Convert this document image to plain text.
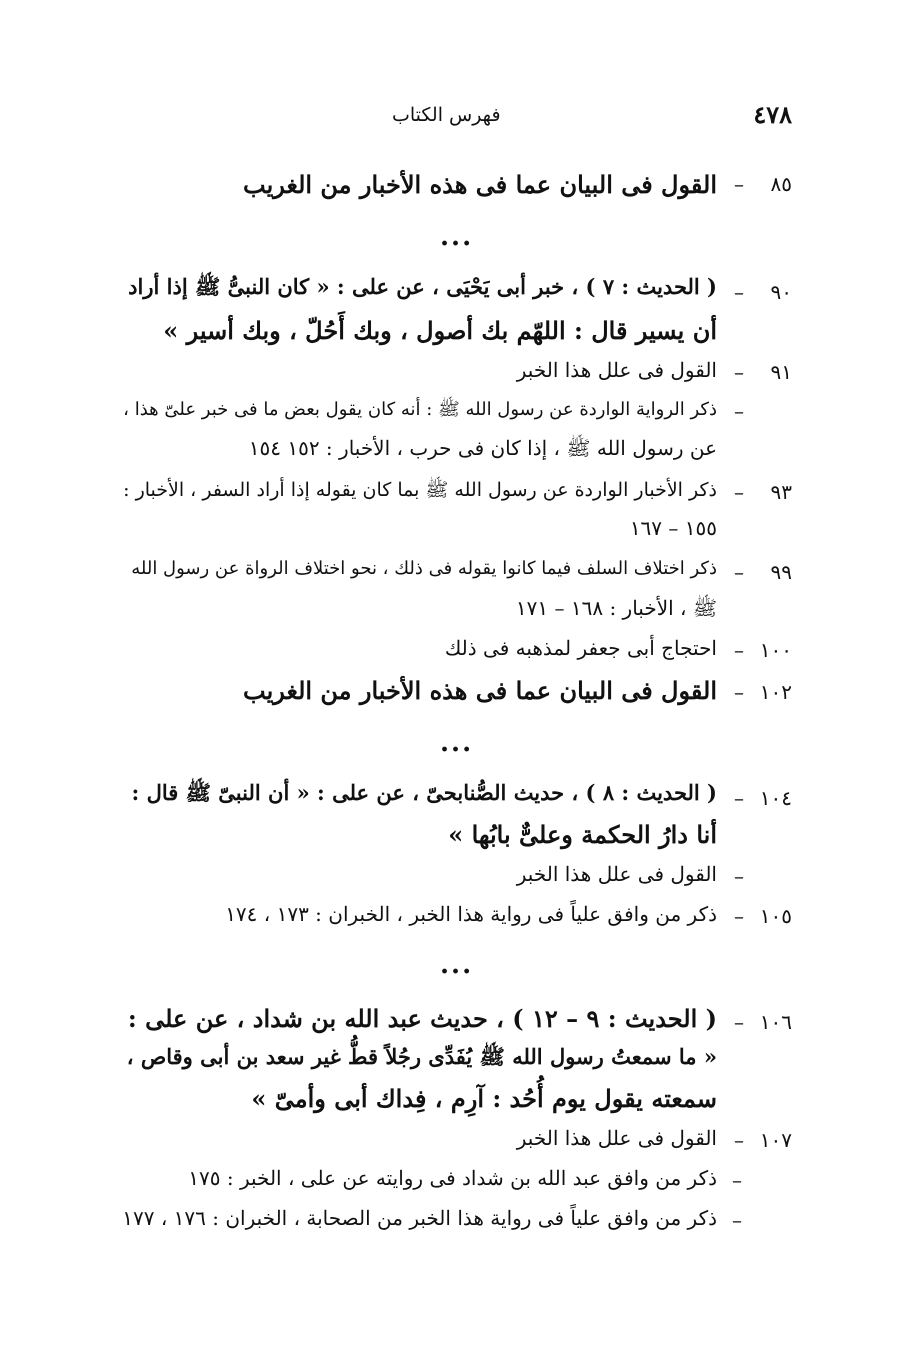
٤٧٨
فهرس الكتاب
٨٥
–
القول فى البيان عما فى هذه الأخبار من الغريب
...
٩٠
–
( الحديث : ٧ ) ، خبر أبى يَحْيَى ، عن على : « كان النبىُّ ﷺ إذا أراد
أن يسير قال : اللهّم بك أصول ، وبك أَحُلّ ، وبك أسير »
٩١
–
القول فى علل هذا الخبر
–
ذكر الرواية الواردة عن رسول الله ﷺ : أنه كان يقول بعض ما فى خبر علىّ هذا ،
عن رسول الله ﷺ ، إذا كان فى حرب ، الأخبار : ١٥٢ ١٥٤
٩٣
–
ذكر الأخبار الواردة عن رسول الله ﷺ بما كان يقوله إذا أراد السفر ، الأخبار :
١٥٥ – ١٦٧
٩٩
–
ذكر اختلاف السلف فيما كانوا يقوله فى ذلك ، نحو اختلاف الرواة عن رسول الله
ﷺ ، الأخبار : ١٦٨ – ١٧١
١٠٠
–
احتجاج أبى جعفر لمذهبه فى ذلك
١٠٢
–
القول فى البيان عما فى هذه الأخبار من الغريب
...
١٠٤
–
( الحديث : ٨ ) ، حديث الصُّنابحىّ ، عن على : « أن النبىّ ﷺ قال :
أنا دارُ الحكمة وعلىٌّ بابُها »
–
القول فى علل هذا الخبر
١٠٥
–
ذكر من وافق علياً فى رواية هذا الخبر ، الخبران : ١٧٣ ، ١٧٤
...
١٠٦
–
( الحديث : ٩ – ١٢ ) ، حديث عبد الله بن شداد ، عن على :
« ما سمعتُ رسول الله ﷺ يُفَدِّى رجُلاً قطُّ غير سعد بن أبى وقاص ،
سمعته يقول يوم أُحُد : آرِم ، فِداك أبى وأمىّ »
١٠٧
–
القول فى علل هذا الخبر
–
ذكر من وافق عبد الله بن شداد فى روايته عن على ، الخبر : ١٧٥
–
ذكر من وافق علياً فى رواية هذا الخبر من الصحابة ، الخبران : ١٧٦ ، ١٧٧
